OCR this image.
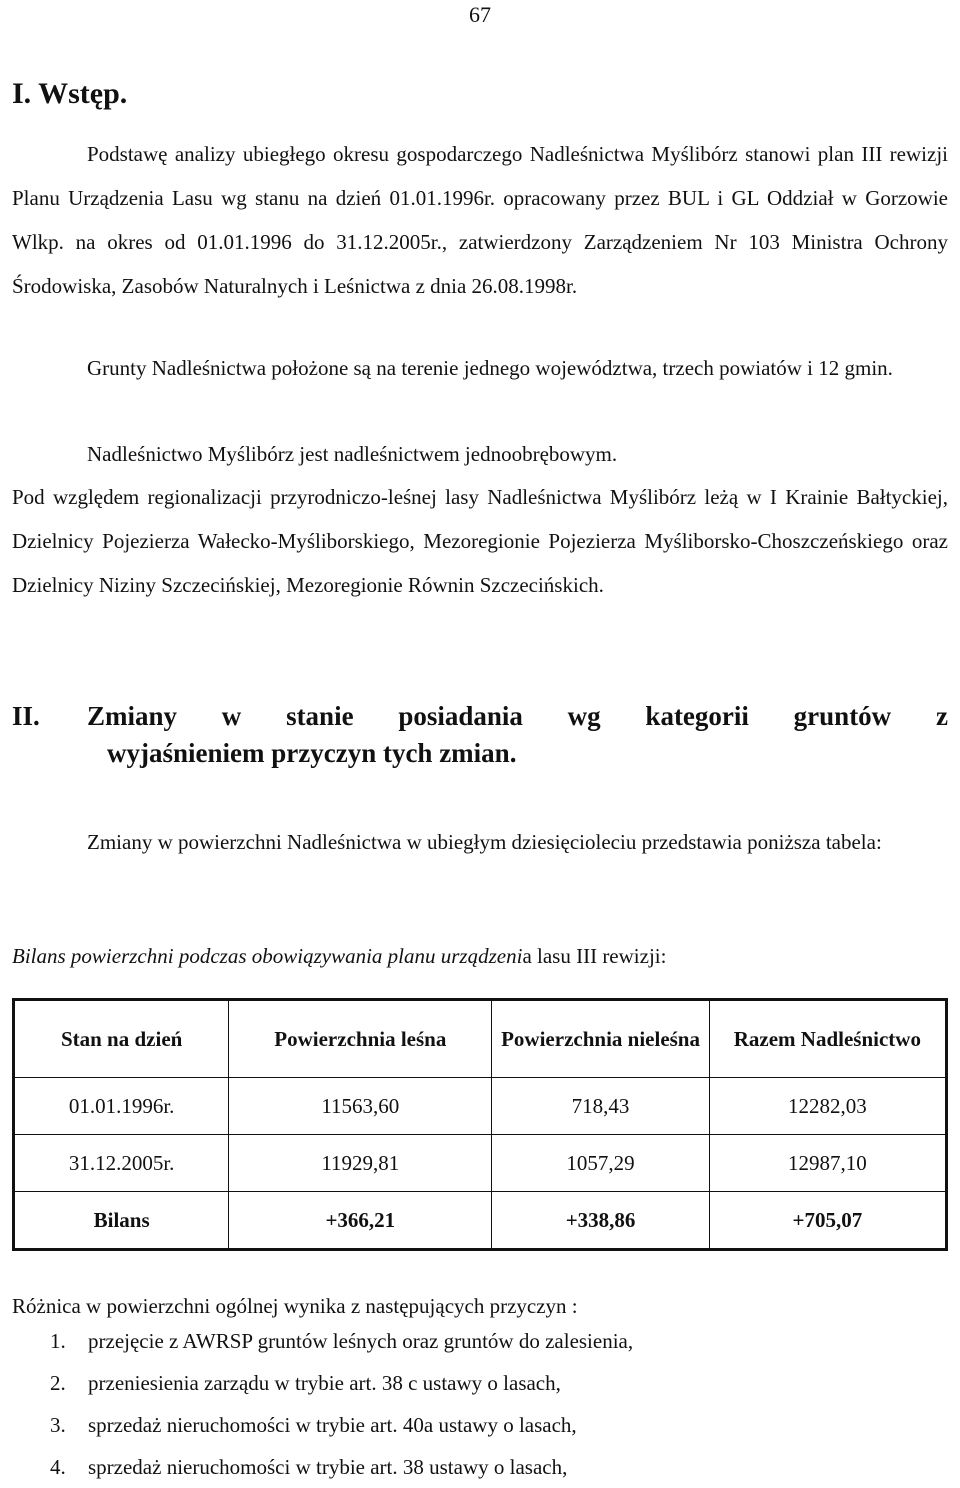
67
I. Wstęp.

Podstawę analizy ubiegłego okresu gospodarczego Nadleśnictwa Myślibórz stanowi plan III rewizji Planu Urządzenia Lasu wg stanu na dzień 01.01.1996r. opracowany przez BUL i GL Oddział w Gorzowie Wlkp. na okres od 01.01.1996 do 31.12.2005r., zatwierdzony Zarządzeniem Nr 103 Ministra Ochrony Środowiska, Zasobów Naturalnych i Leśnictwa z dnia 26.08.1998r.

Grunty Nadleśnictwa położone są na terenie jednego województwa, trzech powiatów i 12 gmin.

Nadleśnictwo Myślibórz jest nadleśnictwem jednoobrębowym.

Pod względem regionalizacji przyrodniczo-leśnej lasy Nadleśnictwa Myślibórz leżą w I Krainie Bałtyckiej, Dzielnicy Pojezierza Wałecko-Myśliborskiego, Mezoregionie Pojezierza Myśliborsko-Choszczeńskiego oraz Dzielnicy Niziny Szczecińskiej, Mezoregionie Równin Szczecińskich.

II.	Zmiany w stanie posiadania wg kategorii gruntów z
wyjaśnieniem przyczyn tych zmian.

Zmiany w powierzchni Nadleśnictwa w ubiegłym dziesięcioleciu przedstawia poniższa tabela:

Bilans powierzchni podczas obowiązywania planu urządzenia lasu III rewizji:

Stan na dzień	Powierzchnia leśna	Powierzchnia nieleśna	Razem Nadleśnictwo
01.01.1996r.	11563,60	718,43	12282,03
31.12.2005r.	11929,81	1057,29	12987,10
Bilans	+366,21	+338,86	+705,07

Różnica w powierzchni ogólnej wynika z następujących przyczyn :

1.	przejęcie z AWRSP gruntów leśnych oraz gruntów do zalesienia,
2.	przeniesienia zarządu w trybie art. 38 c ustawy o lasach,
3.	sprzedaż nieruchomości w trybie art. 40a ustawy o lasach,
4.	sprzedaż nieruchomości w trybie art. 38 ustawy o lasach,
